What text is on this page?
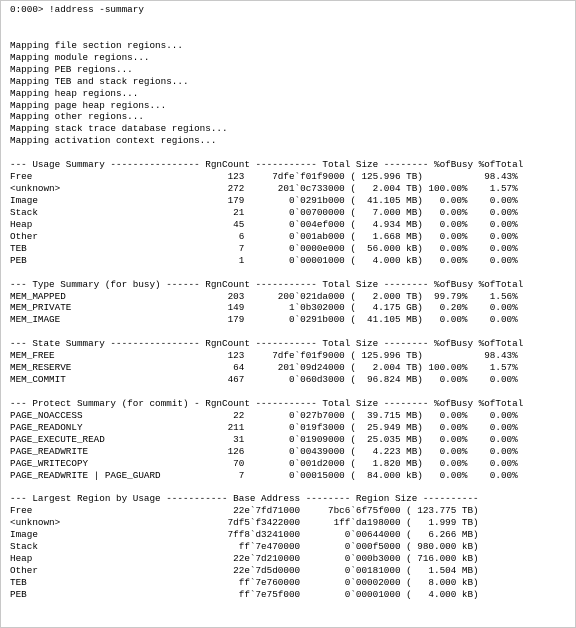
0:000> !address -summary
Mapping file section regions...
Mapping module regions...
Mapping PEB regions...
Mapping TEB and stack regions...
Mapping heap regions...
Mapping page heap regions...
Mapping other regions...
Mapping stack trace database regions...
Mapping activation context regions...
--- Usage Summary ---------------- RgnCount ----------- Total Size -------- %ofBusy %ofTotal
Free                                   123     7dfe`f01f9000 ( 125.996 TB)           98.43%
<unknown>                              272      201`0c733000 (   2.004 TB) 100.00%    1.57%
Image                                  179        0`0291b000 (  41.105 MB)   0.00%    0.00%
Stack                                   21        0`00700000 (   7.000 MB)   0.00%    0.00%
Heap                                    45        0`004ef000 (   4.934 MB)   0.00%    0.00%
Other                                    6        0`001ab000 (   1.668 MB)   0.00%    0.00%
TEB                                      7        0`0000e000 (  56.000 kB)   0.00%    0.00%
PEB                                      1        0`00001000 (   4.000 kB)   0.00%    0.00%
--- Type Summary (for busy) ------ RgnCount ----------- Total Size -------- %ofBusy %ofTotal
MEM_MAPPED                             203      200`021da000 (   2.000 TB)  99.79%    1.56%
MEM_PRIVATE                            149        1`0b302000 (   4.175 GB)   0.20%    0.00%
MEM_IMAGE                              179        0`0291b000 (  41.105 MB)   0.00%    0.00%
--- State Summary ---------------- RgnCount ----------- Total Size -------- %ofBusy %ofTotal
MEM_FREE                               123     7dfe`f01f9000 ( 125.996 TB)           98.43%
MEM_RESERVE                             64      201`09d24000 (   2.004 TB) 100.00%    1.57%
MEM_COMMIT                             467        0`060d3000 (  96.824 MB)   0.00%    0.00%
--- Protect Summary (for commit) - RgnCount ----------- Total Size -------- %ofBusy %ofTotal
PAGE_NOACCESS                           22        0`027b7000 (  39.715 MB)   0.00%    0.00%
PAGE_READONLY                          211        0`019f3000 (  25.949 MB)   0.00%    0.00%
PAGE_EXECUTE_READ                       31        0`01909000 (  25.035 MB)   0.00%    0.00%
PAGE_READWRITE                         126        0`00439000 (   4.223 MB)   0.00%    0.00%
PAGE_WRITECOPY                          70        0`001d2000 (   1.820 MB)   0.00%    0.00%
PAGE_READWRITE | PAGE_GUARD              7        0`00015000 (  84.000 kB)   0.00%    0.00%
--- Largest Region by Usage ----------- Base Address -------- Region Size ----------
Free                                    22e`7fd71000     7bc6`6f75f000 ( 123.775 TB)
<unknown>                              7df5`f3422000      1ff`da198000 (   1.999 TB)
Image                                  7ff8`d3241000        0`00644000 (   6.266 MB)
Stack                                    ff`7e470000        0`000f5000 ( 980.000 kB)
Heap                                    22e`7d210000        0`000b3000 ( 716.000 kB)
Other                                   22e`7d5d0000        0`00181000 (   1.504 MB)
TEB                                      ff`7e760000        0`00002000 (   8.000 kB)
PEB                                      ff`7e75f000        0`00001000 (   4.000 kB)
